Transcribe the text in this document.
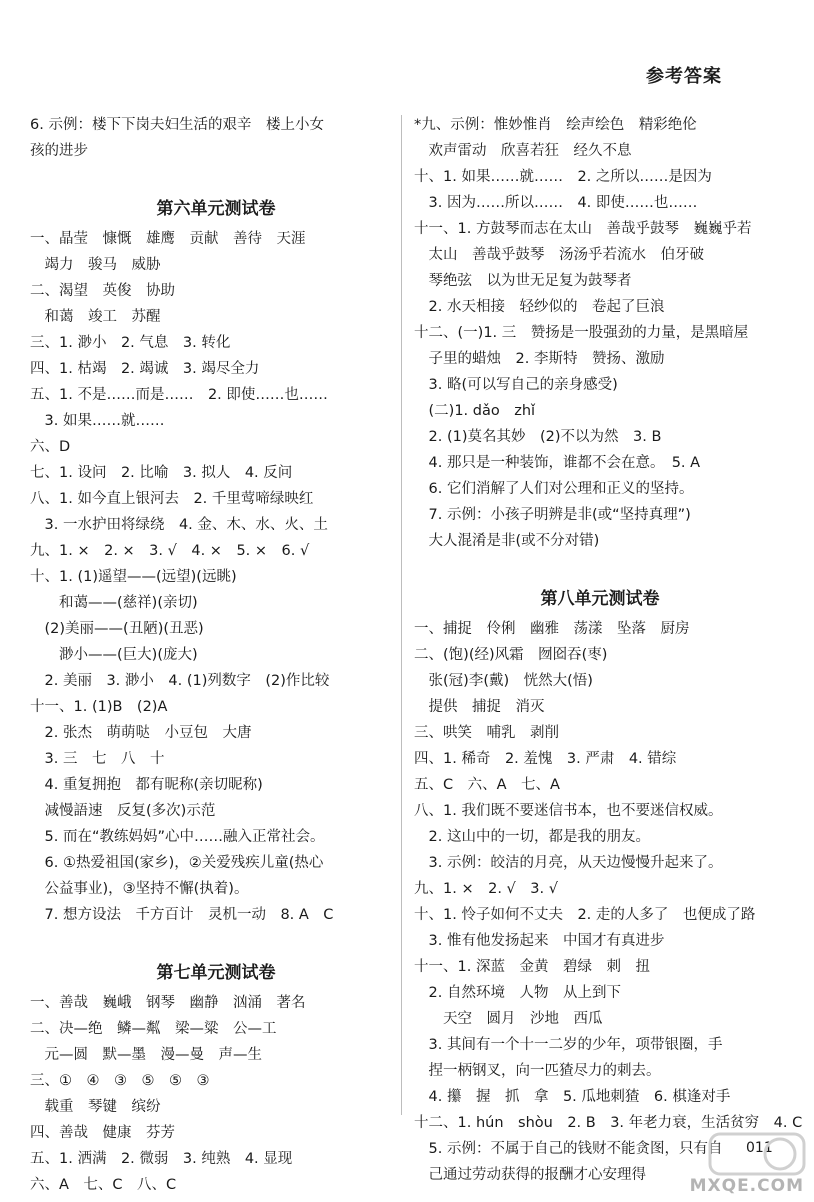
参考答案
6. 示例：楼下下岗夫妇生活的艰辛　楼上小女
孩的进步
第六单元测试卷
一、晶莹　慷慨　雄鹰　贡献　善待　天涯
　竭力　骏马　威胁
二、渴望　英俊　协助
　和蔼　竣工　苏醒
三、1. 渺小　2. 气息　3. 转化
四、1. 枯竭　2. 竭诚　3. 竭尽全力
五、1. 不是……而是……　2. 即使……也……
　3. 如果……就……
六、D
七、1. 设问　2. 比喻　3. 拟人　4. 反问
八、1. 如今直上银河去　2. 千里莺啼绿映红
　3. 一水护田将绿绕　4. 金、木、水、火、土
九、1. ×　2. ×　3. √　4. ×　5. ×　6. √
十、1. (1)遥望——(远望)(远眺)
　　和蔼——(慈祥)(亲切)
　(2)美丽——(丑陋)(丑恶)
　　渺小——(巨大)(庞大)
　2. 美丽　3. 渺小　4. (1)列数字　(2)作比较
十一、1. (1)B　(2)A
　2. 张杰　萌萌哒　小豆包　大唐
　3. 三　七　八　十
　4. 重复拥抱　都有昵称(亲切昵称)
　减慢語速　反复(多次)示范
　5. 而在“教练妈妈”心中……融入正常社会。
　6. ①热爱祖国(家乡)，②关爱残疾儿童(热心
　公益事业)，③坚持不懈(执着)。
　7. 想方设法　千方百计　灵机一动　8. A　C
第七单元测试卷
一、善哉　巍峨　钢琴　幽静　汹涌　著名
二、决—绝　鳞—粼　梁—粱　公—工
　元—圆　默—墨　漫—曼　声—生
三、①　④　③　⑤　⑤　③
　载重　琴键　缤纷
四、善哉　健康　芬芳
五、1. 洒满　2. 微弱　3. 纯熟　4. 显现
六、A　七、C　八、C
*九、示例：惟妙惟肖　绘声绘色　精彩绝伦
　欢声雷动　欣喜若狂　经久不息
十、1. 如果……就……　2. 之所以……是因为
　3. 因为……所以……　4. 即使……也……
十一、1. 方鼓琴而志在太山　善哉乎鼓琴　巍巍乎若
　太山　善哉乎鼓琴　汤汤乎若流水　伯牙破
　琴绝弦　以为世无足复为鼓琴者
　2. 水天相接　轻纱似的　卷起了巨浪
十二、(一)1. 三　赞扬是一股强劲的力量，是黑暗屋
　子里的蜡烛　2. 李斯特　赞扬、激励
　3. 略(可以写自己的亲身感受)
　(二)1. dǎo　zhǐ
　2. (1)莫名其妙　(2)不以为然　3. B
　4. 那只是一种装饰，谁都不会在意。　5. A
　6. 它们消解了人们对公理和正义的坚持。
　7. 示例：小孩子明辨是非(或“坚持真理”)
　大人混淆是非(或不分对错)
第八单元测试卷
一、捕捉　伶俐　幽雅　荡漾　坠落　厨房
二、(饱)(经)风霜　囫囵吞(枣)
　张(冠)李(戴)　恍然大(悟)
　提供　捕捉　消灭
三、哄笑　哺乳　剥削
四、1. 稀奇　2. 羞愧　3. 严肃　4. 错综
五、C　六、A　七、A
八、1. 我们既不要迷信书本，也不要迷信权威。
　2. 这山中的一切，都是我的朋友。
　3. 示例：皎洁的月亮，从天边慢慢升起来了。
九、1. ×　2. √　3. √
十、1. 怜子如何不丈夫　2. 走的人多了　也便成了路
　3. 惟有他发扬起来　中国才有真进步
十一、1. 深蓝　金黄　碧绿　刺　扭
　2. 自然环境　人物　从上到下
　　天空　圆月　沙地　西瓜
　3. 其间有一个十一二岁的少年，项带银圈，手
　捏一柄钢叉，向一匹猹尽力的刺去。
　4. 攥　握　抓　拿　5. 瓜地刺猹　6. 棋逢对手
十二、1. hún　shòu　2. B　3. 年老力衰，生活贫穷　4. C
　5. 示例：不属于自己的钱财不能贪图，只有自
　己通过劳动获得的报酬才心安理得
011
MXQE.COM
